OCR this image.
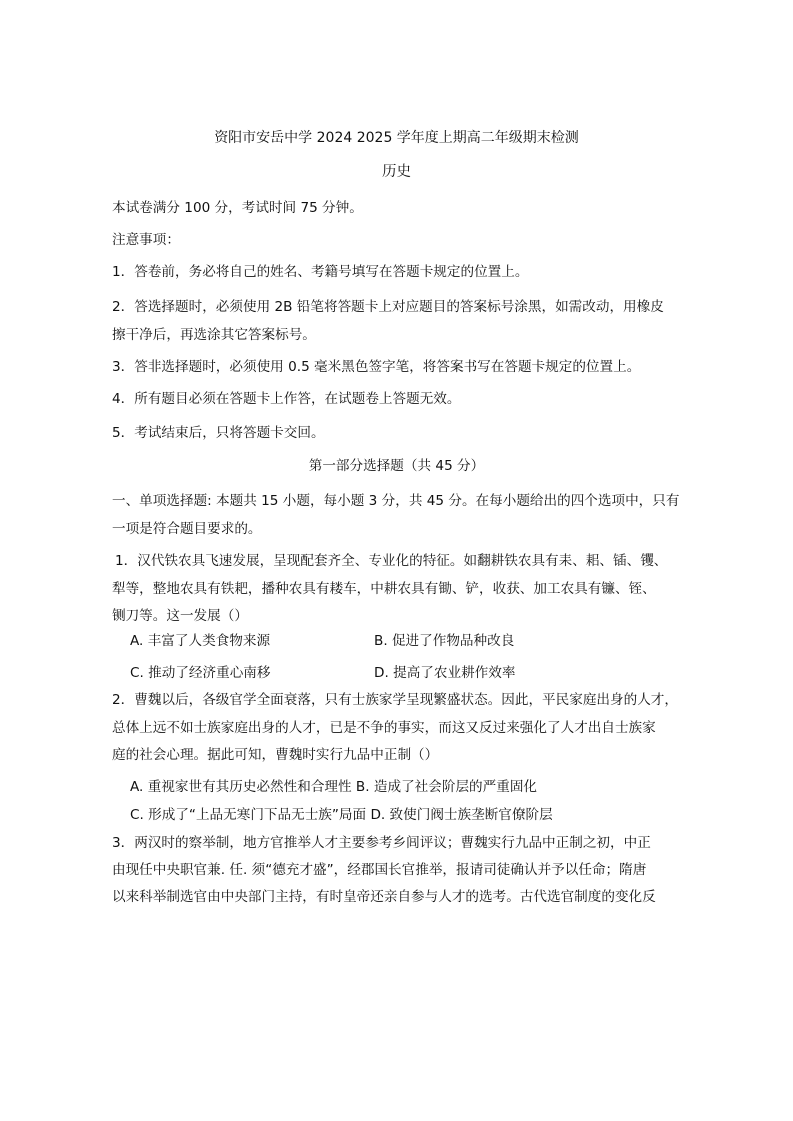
资阳市安岳中学 2024 2025 学年度上期高二年级期末检测
历史
本试卷满分 100 分，考试时间 75 分钟。
注意事项：
1．答卷前，务必将自己的姓名、考籍号填写在答题卡规定的位置上。
2．答选择题时，必须使用 2B 铅笔将答题卡上对应题目的答案标号涂黑，如需改动，用橡皮
擦干净后，再选涂其它答案标号。
3．答非选择题时，必须使用 0.5 毫米黑色签字笔，将答案书写在答题卡规定的位置上。
4．所有题目必须在答题卡上作答，在试题卷上答题无效。
5．考试结束后，只将答题卡交回。
第一部分选择题（共 45 分）
一、单项选择题: 本题共 15 小题，每小题 3 分，共 45 分。在每小题给出的四个选项中，只有
一项是符合题目要求的。
1．汉代铁农具飞速发展，呈现配套齐全、专业化的特征。如翻耕铁农具有耒、耜、锸、䦆、
犁等，整地农具有铁耙，播种农具有耧车，中耕农具有锄、铲，收获、加工农具有镰、铚、
铡刀等。这一发展（）
A. 丰富了人类食物来源	B. 促进了作物品种改良
C. 推动了经济重心南移	D. 提高了农业耕作效率
2．曹魏以后，各级官学全面衰落，只有士族家学呈现繁盛状态。因此，平民家庭出身的人才，
总体上远不如士族家庭出身的人才，已是不争的事实，而这又反过来强化了人才出自士族家
庭的社会心理。据此可知，曹魏时实行九品中正制（）
A. 重视家世有其历史必然性和合理性 B. 造成了社会阶层的严重固化
C. 形成了“上品无寒门下品无士族”局面 D. 致使门阀士族垄断官僚阶层
3．两汉时的察举制，地方官推举人才主要参考乡闾评议；曹魏实行九品中正制之初，中正
由现任中央职官兼. 任. 须“德充才盛”，经郡国长官推举，报请司徒确认并予以任命；隋唐
以来科举制选官由中央部门主持，有时皇帝还亲自参与人才的选考。古代选官制度的变化反
